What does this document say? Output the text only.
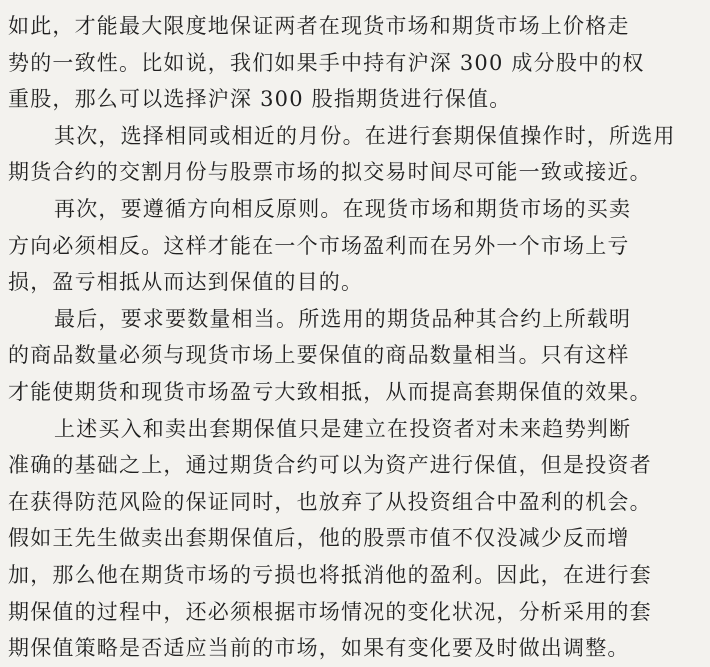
如此，才能最大限度地保证两者在现货市场和期货市场上价格走
势的一致性。比如说，我们如果手中持有沪深 300 成分股中的权
重股，那么可以选择沪深 300 股指期货进行保值。
其次，选择相同或相近的月份。在进行套期保值操作时，所选用
期货合约的交割月份与股票市场的拟交易时间尽可能一致或接近。
再次，要遵循方向相反原则。在现货市场和期货市场的买卖
方向必须相反。这样才能在一个市场盈利而在另外一个市场上亏
损，盈亏相抵从而达到保值的目的。
最后，要求要数量相当。所选用的期货品种其合约上所载明
的商品数量必须与现货市场上要保值的商品数量相当。只有这样
才能使期货和现货市场盈亏大致相抵，从而提高套期保值的效果。
上述买入和卖出套期保值只是建立在投资者对未来趋势判断
准确的基础之上，通过期货合约可以为资产进行保值，但是投资者
在获得防范风险的保证同时，也放弃了从投资组合中盈利的机会。
假如王先生做卖出套期保值后，他的股票市值不仅没减少反而增
加，那么他在期货市场的亏损也将抵消他的盈利。因此，在进行套
期保值的过程中，还必须根据市场情况的变化状况，分析采用的套
期保值策略是否适应当前的市场，如果有变化要及时做出调整。
